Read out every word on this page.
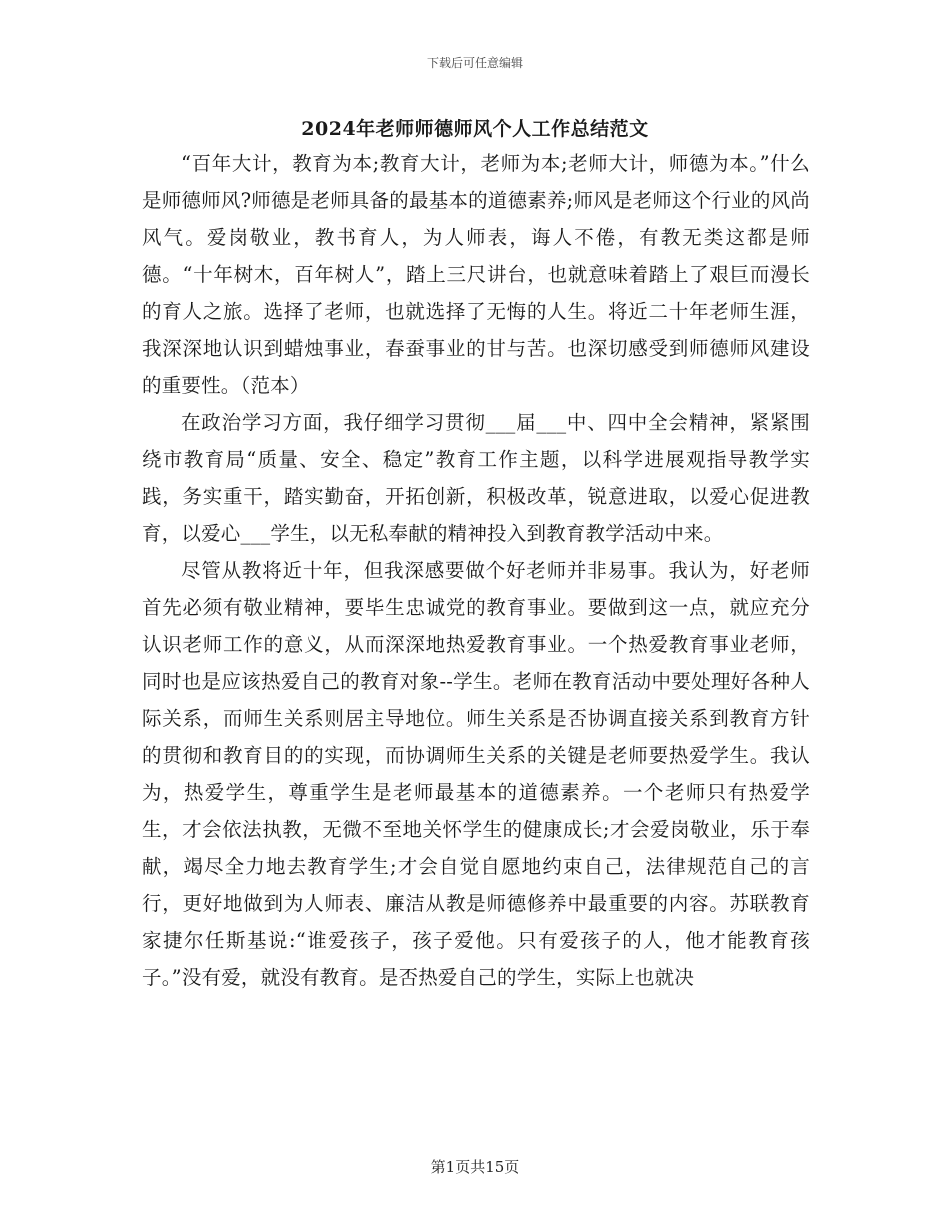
下载后可任意编辑
2024年老师师德师风个人工作总结范文

“百年大计，教育为本;教育大计，老师为本;老师大计，师德为本。”什么是师德师风?师德是老师具备的最基本的道德素养;师风是老师这个行业的风尚风气。爱岗敬业，教书育人，为人师表，诲人不倦，有教无类这都是师德。“十年树木，百年树人”，踏上三尺讲台，也就意味着踏上了艰巨而漫长的育人之旅。选择了老师，也就选择了无悔的人生。将近二十年老师生涯，我深深地认识到蜡烛事业，春蚕事业的甘与苦。也深切感受到师德师风建设的重要性。（范本）

在政治学习方面，我仔细学习贯彻___届___中、四中全会精神，紧紧围绕市教育局“质量、安全、稳定”教育工作主题，以科学进展观指导教学实践，务实重干，踏实勤奋，开拓创新，积极改革，锐意进取，以爱心促进教育，以爱心___学生，以无私奉献的精神投入到教育教学活动中来。

尽管从教将近十年，但我深感要做个好老师并非易事。我认为，好老师首先必须有敬业精神，要毕生忠诚党的教育事业。要做到这一点，就应充分认识老师工作的意义，从而深深地热爱教育事业。一个热爱教育事业老师，同时也是应该热爱自己的教育对象--学生。老师在教育活动中要处理好各种人际关系，而师生关系则居主导地位。师生关系是否协调直接关系到教育方针的贯彻和教育目的的实现，而协调师生关系的关键是老师要热爱学生。我认为，热爱学生，尊重学生是老师最基本的道德素养。一个老师只有热爱学生，才会依法执教，无微不至地关怀学生的健康成长;才会爱岗敬业，乐于奉献，竭尽全力地去教育学生;才会自觉自愿地约束自己，法律规范自己的言行，更好地做到为人师表、廉洁从教是师德修养中最重要的内容。苏联教育家捷尔任斯基说:“谁爱孩子，孩子爱他。只有爱孩子的人，他才能教育孩子。”没有爱，就没有教育。是否热爱自己的学生，实际上也就决

第1页共15页
